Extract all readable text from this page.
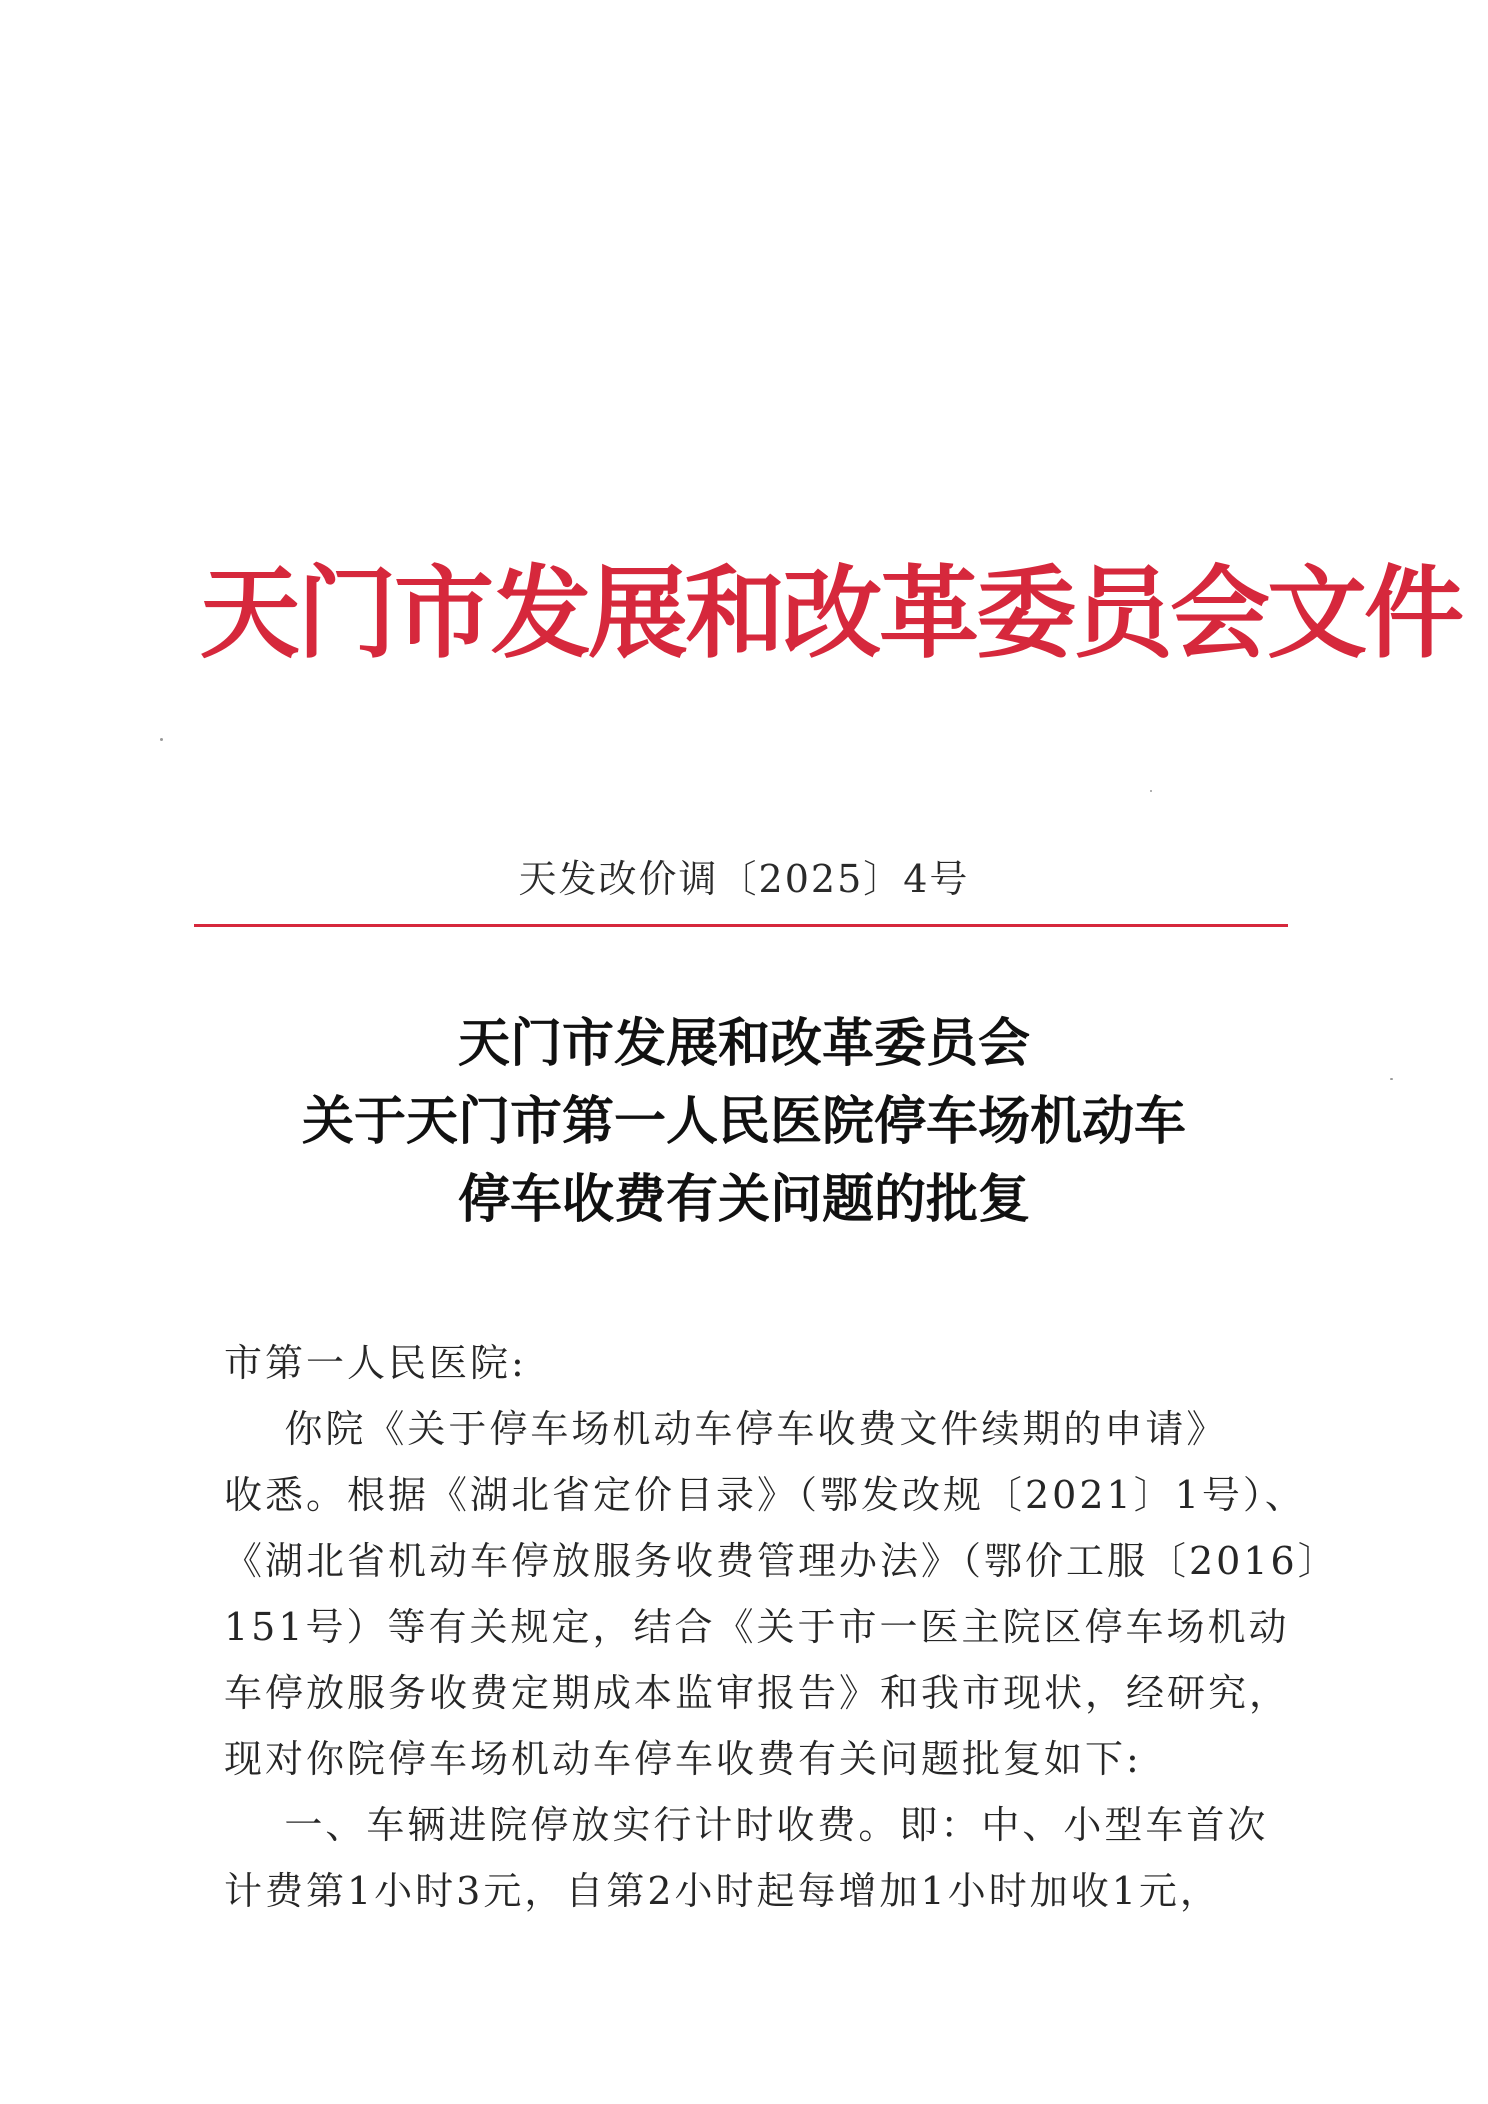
天门市发展和改革委员会文件
天发改价调〔2025〕4号
天门市发展和改革委员会
关于天门市第一人民医院停车场机动车
停车收费有关问题的批复
市第一人民医院:
你院《关于停车场机动车停车收费文件续期的申请》
收悉。根据《湖北省定价目录》（鄂发改规〔2021〕1号）、
《湖北省机动车停放服务收费管理办法》（鄂价工服〔2016〕
151号）等有关规定，结合《关于市一医主院区停车场机动
车停放服务收费定期成本监审报告》和我市现状，经研究，
现对你院停车场机动车停车收费有关问题批复如下:
一、车辆进院停放实行计时收费。即：中、小型车首次
计费第1小时3元，自第2小时起每增加1小时加收1元，
